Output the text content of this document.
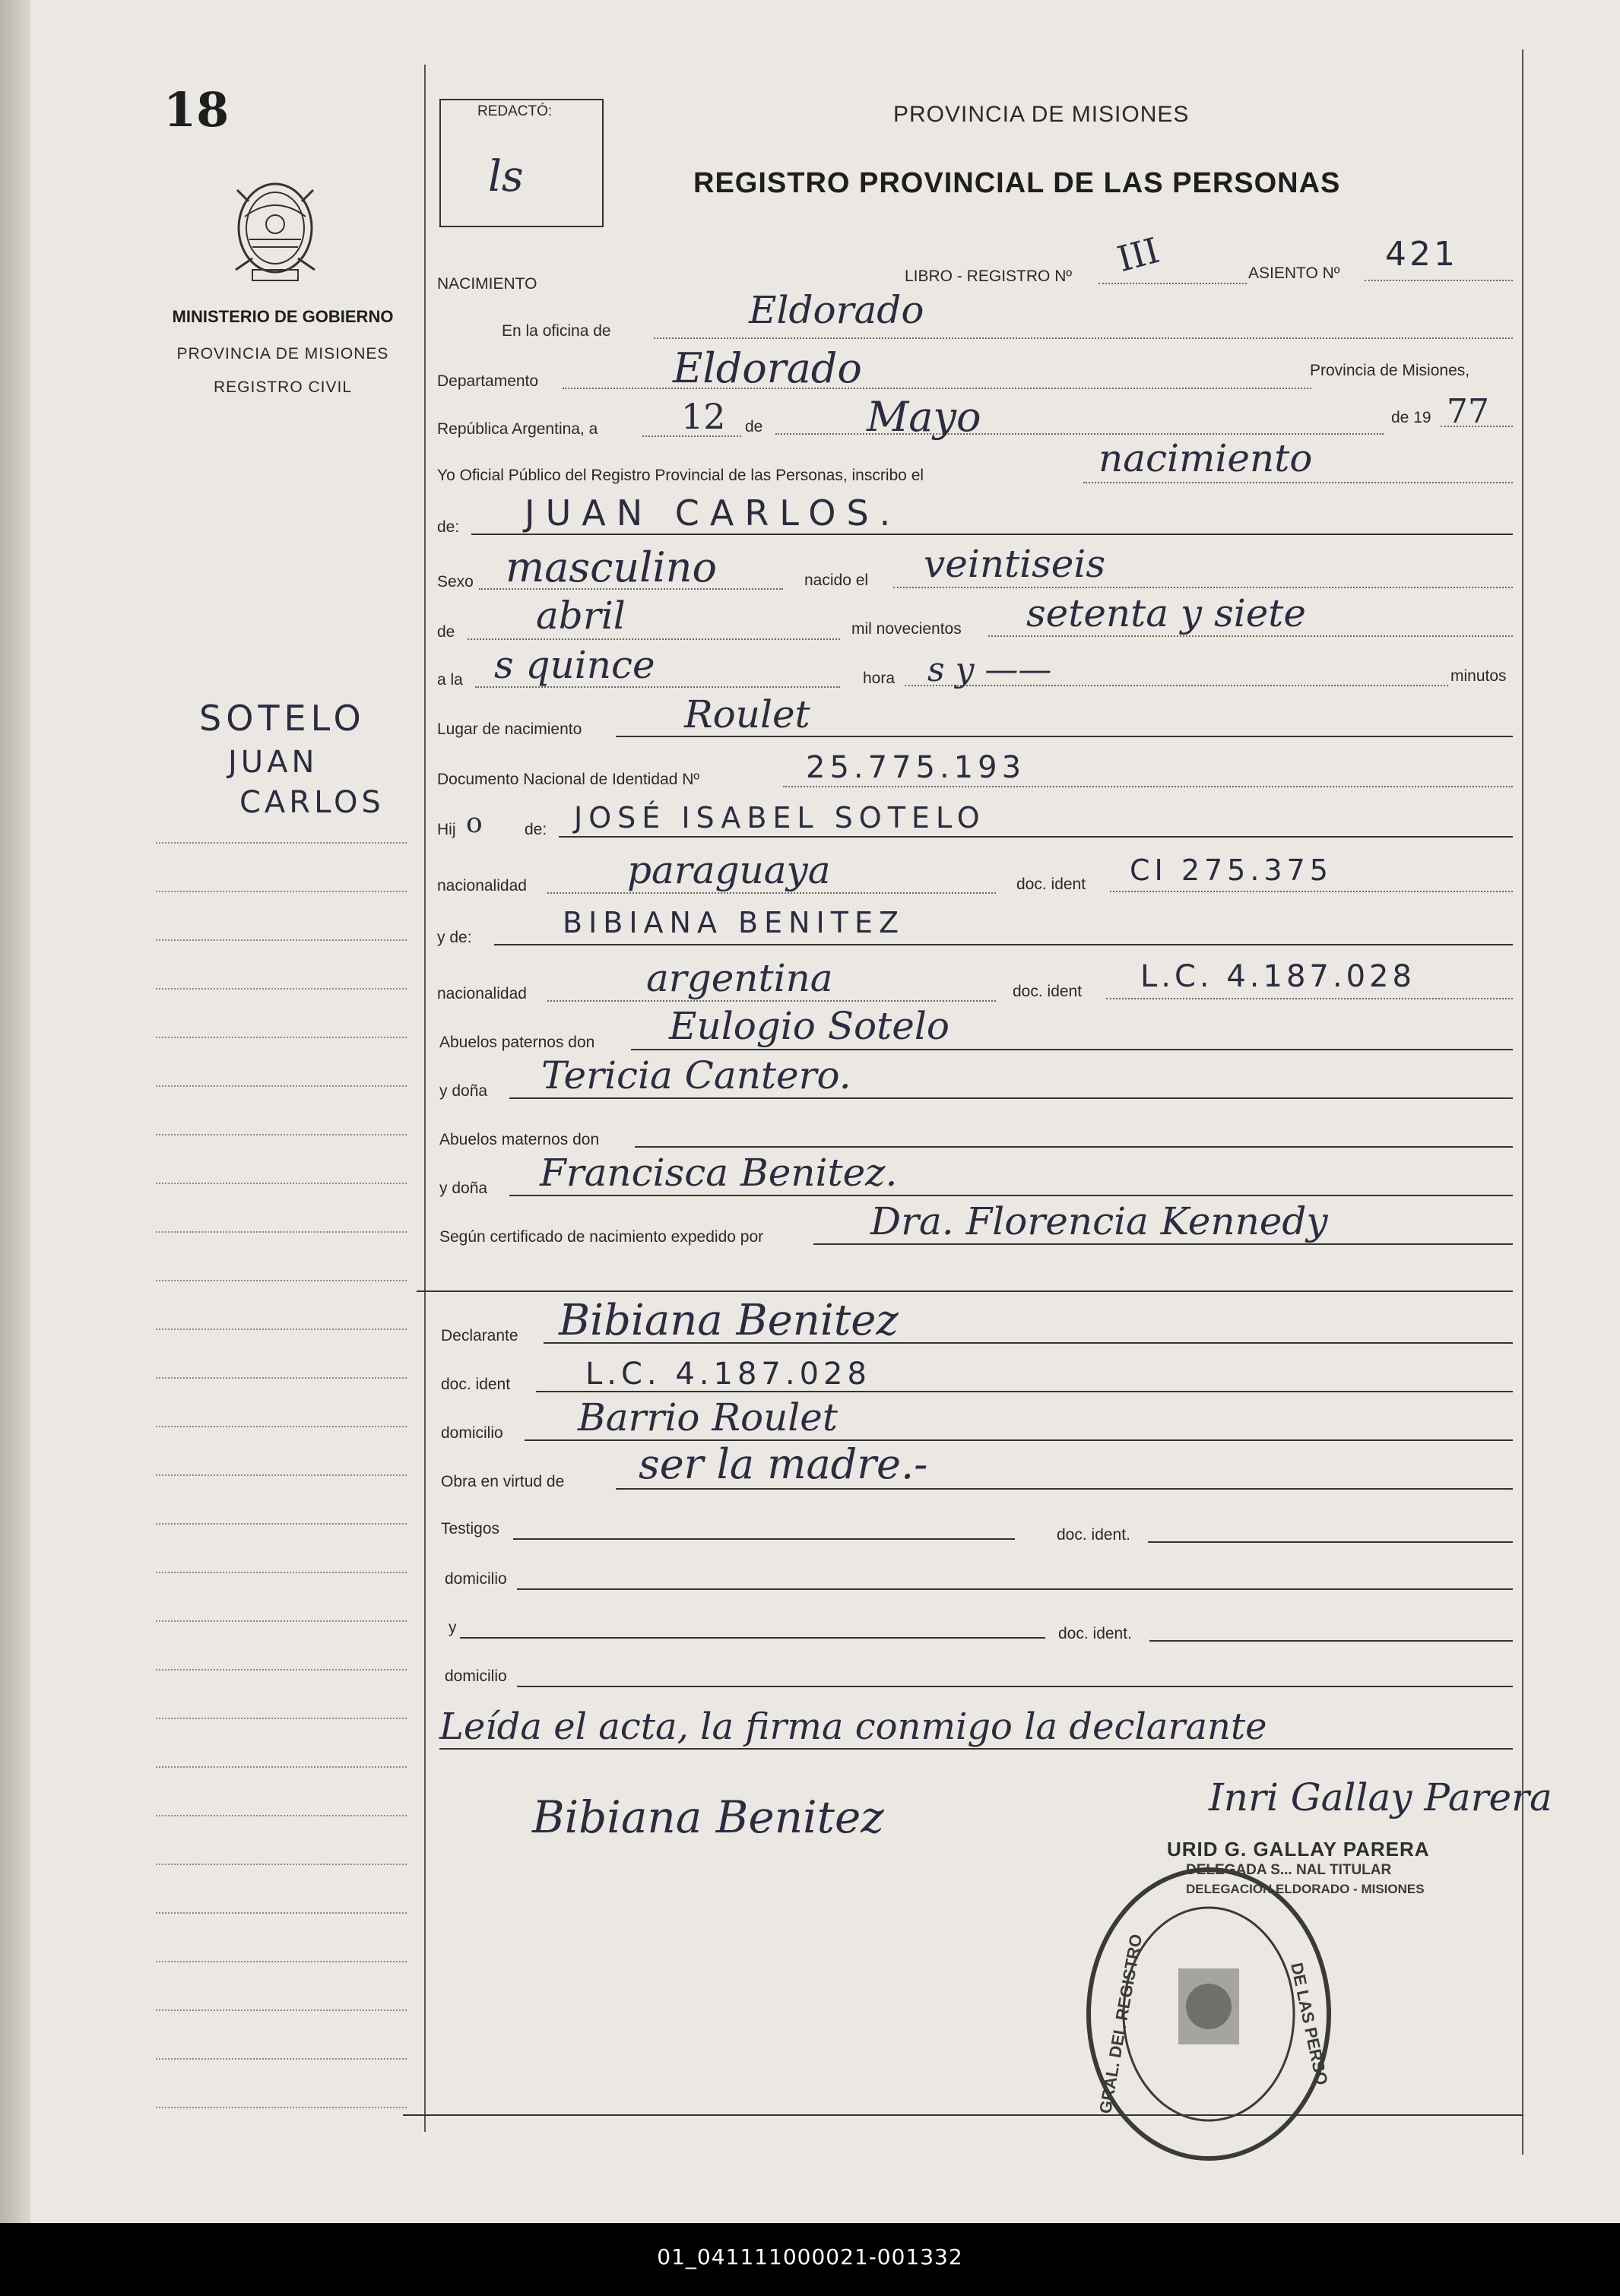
18
MINISTERIO DE GOBIERNO
PROVINCIA DE MISIONES
REGISTRO CIVIL
SOTELO
JUAN
CARLOS
REDACTÓ:
ls
PROVINCIA DE MISIONES
REGISTRO PROVINCIAL DE LAS PERSONAS
NACIMIENTO	LIBRO - REGISTRO Nº III	ASIENTO Nº 421
En la oficina de	Eldorado
Departamento	Eldorado	Provincia de Misiones,
República Argentina, a 12 de	Mayo	de 19 77
Yo Oficial Público del Registro Provincial de las Personas, inscribo el	nacimiento
de: JUAN CARLOS.
Sexo masculino	nacido el veintiseis
de abril	mil novecientos setenta y siete
a la s quince	hora s y ——	minutos
Lugar de nacimiento	Roulet
Documento Nacional de Identidad Nº	25.775.193
Hij o	de: JOSÉ ISABEL SOTELO
nacionalidad	paraguaya	doc. ident CI 275.375
y de:	BIBIANA BENITEZ
nacionalidad	argentina	doc. ident L.C. 4.187.028
Abuelos paternos don Eulogio Sotelo
y doña Tericia Cantero.
Abuelos maternos don
y doña Francisca Benitez.
Según certificado de nacimiento expedido por	Dra. Florencia Kennedy
Declarante Bibiana Benitez
doc. ident L.C. 4.187.028
domicilio Barrio Roulet
Obra en virtud de ser la madre.-
Testigos	doc. ident.
domicilio
y	doc. ident.
domicilio
Leída el acta, la firma conmigo la declarante
Bibiana Benitez	Inri Gallay Parera
URID G. GALLAY PARERA
DELEGADA S... NAL TITULAR
DELEGACIÓN ELDORADO - MISIONES
GRAL. DEL REGISTRO	DE LAS PERSO
01_041111000021-001332
